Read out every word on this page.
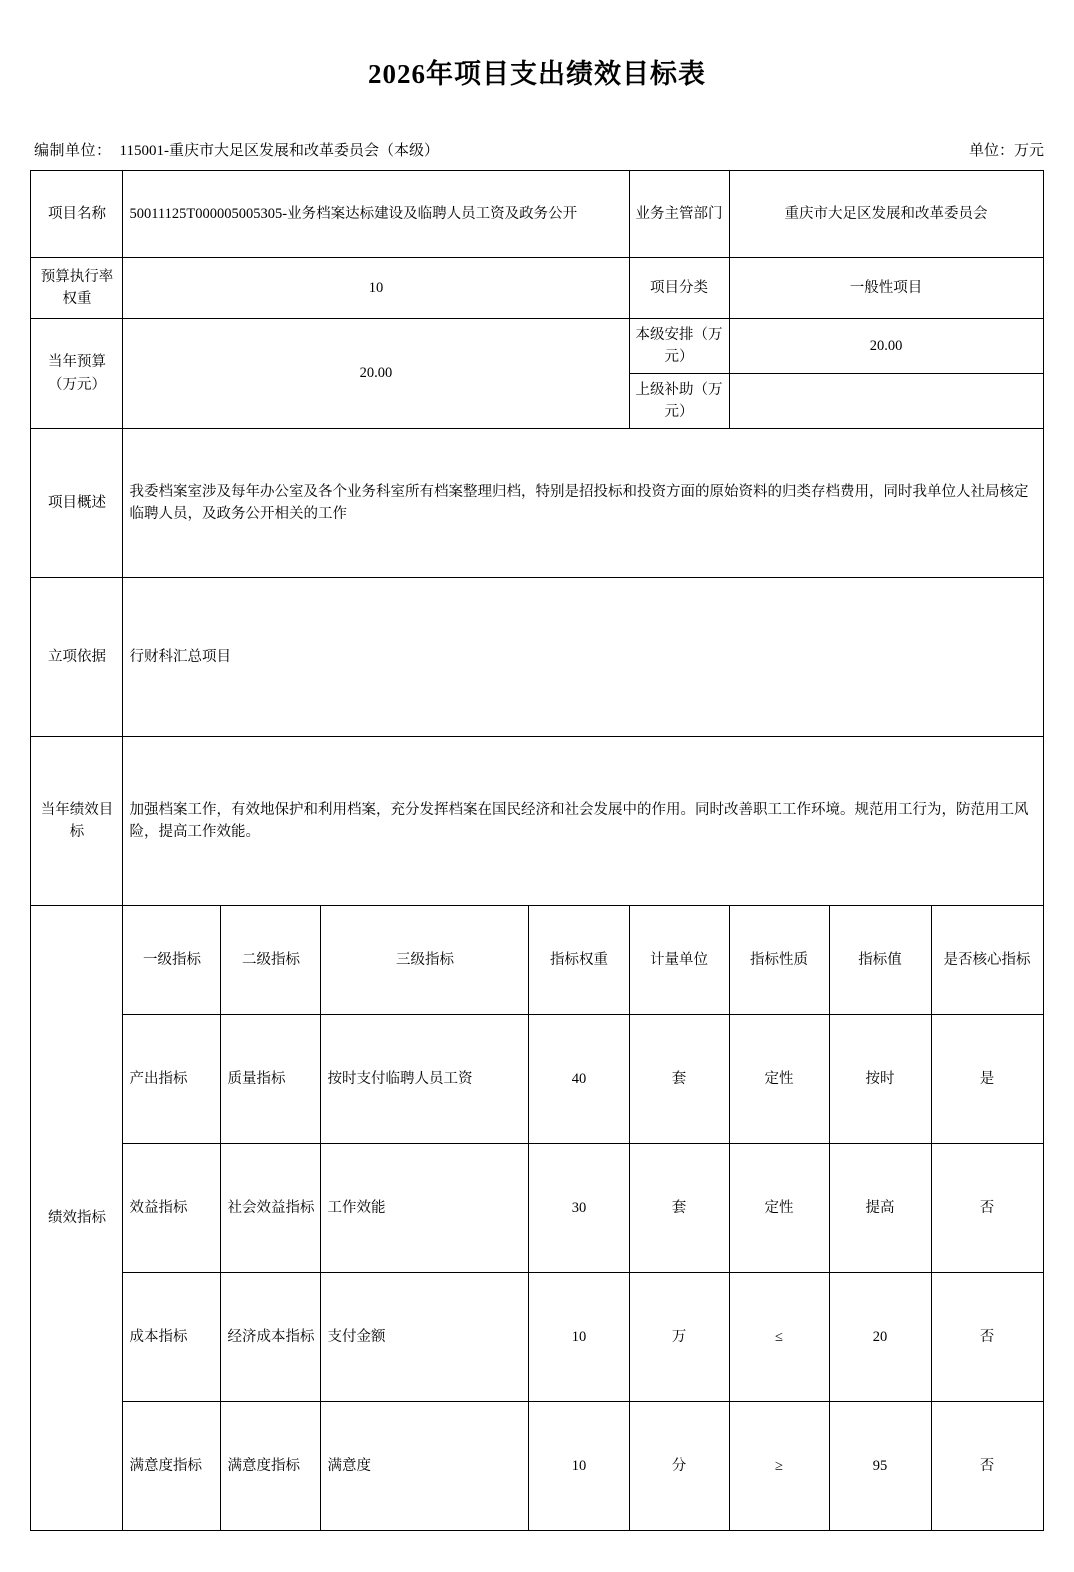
2026年项目支出绩效目标表
编制单位： 115001-重庆市大足区发展和改革委员会（本级）	单位：万元
项目名称	50011125T000005005305-业务档案达标建设及临聘人员工资及政务公开				业务主管部门	重庆市大足区发展和改革委员会		
预算执行率权重	10				项目分类	一般性项目		
当年预算（万元）	20.00				本级安排（万元）	20.00		
					上级补助（万元）			
项目概述	我委档案室涉及每年办公室及各个业务科室所有档案整理归档，特别是招投标和投资方面的原始资料的归类存档费用，同时我单位人社局核定临聘人员，及政务公开相关的工作							
立项依据	行财科汇总项目							
当年绩效目标	加强档案工作，有效地保护和利用档案，充分发挥档案在国民经济和社会发展中的作用。同时改善职工工作环境。规范用工行为，防范用工风险，提高工作效能。							
绩效指标	一级指标	二级指标	三级指标	指标权重	计量单位	指标性质	指标值	是否核心指标
	产出指标	质量指标	按时支付临聘人员工资	40	套	定性	按时	是
	效益指标	社会效益指标	工作效能	30	套	定性	提高	否
	成本指标	经济成本指标	支付金额	10	万	≤	20	否
	满意度指标	满意度指标	满意度	10	分	≥	95	否
